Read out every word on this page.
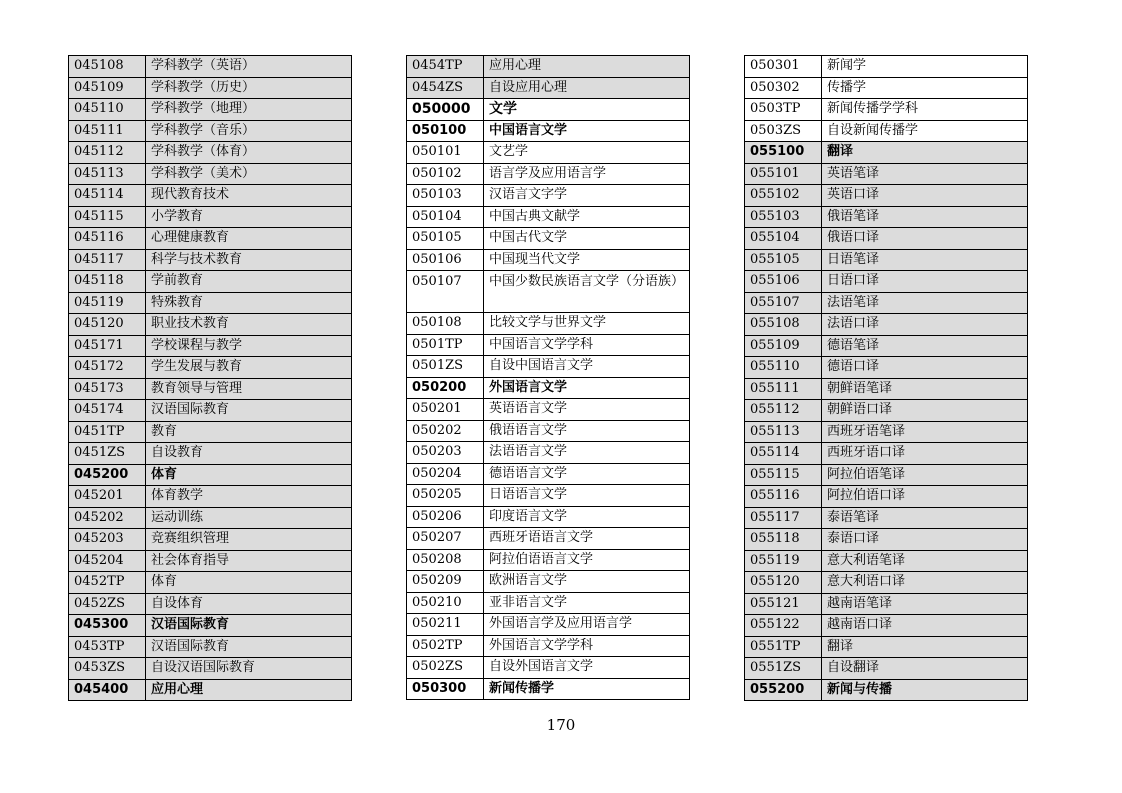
045108	学科教学（英语）
045109	学科教学（历史）
045110	学科教学（地理）
045111	学科教学（音乐）
045112	学科教学（体育）
045113	学科教学（美术）
045114	现代教育技术
045115	小学教育
045116	心理健康教育
045117	科学与技术教育
045118	学前教育
045119	特殊教育
045120	职业技术教育
045171	学校课程与教学
045172	学生发展与教育
045173	教育领导与管理
045174	汉语国际教育
0451TP	教育
0451ZS	自设教育
045200	体育
045201	体育教学
045202	运动训练
045203	竞赛组织管理
045204	社会体育指导
0452TP	体育
0452ZS	自设体育
045300	汉语国际教育
0453TP	汉语国际教育
0453ZS	自设汉语国际教育
045400	应用心理
0454TP	应用心理
0454ZS	自设应用心理
050000	文学
050100	中国语言文学
050101	文艺学
050102	语言学及应用语言学
050103	汉语言文字学
050104	中国古典文献学
050105	中国古代文学
050106	中国现当代文学
050107	中国少数民族语言文学（分语族）
050108	比较文学与世界文学
0501TP	中国语言文学学科
0501ZS	自设中国语言文学
050200	外国语言文学
050201	英语语言文学
050202	俄语语言文学
050203	法语语言文学
050204	德语语言文学
050205	日语语言文学
050206	印度语言文学
050207	西班牙语语言文学
050208	阿拉伯语语言文学
050209	欧洲语言文学
050210	亚非语言文学
050211	外国语言学及应用语言学
0502TP	外国语言文学学科
0502ZS	自设外国语言文学
050300	新闻传播学
050301	新闻学
050302	传播学
0503TP	新闻传播学学科
0503ZS	自设新闻传播学
055100	翻译
055101	英语笔译
055102	英语口译
055103	俄语笔译
055104	俄语口译
055105	日语笔译
055106	日语口译
055107	法语笔译
055108	法语口译
055109	德语笔译
055110	德语口译
055111	朝鲜语笔译
055112	朝鲜语口译
055113	西班牙语笔译
055114	西班牙语口译
055115	阿拉伯语笔译
055116	阿拉伯语口译
055117	泰语笔译
055118	泰语口译
055119	意大利语笔译
055120	意大利语口译
055121	越南语笔译
055122	越南语口译
0551TP	翻译
0551ZS	自设翻译
055200	新闻与传播
170
